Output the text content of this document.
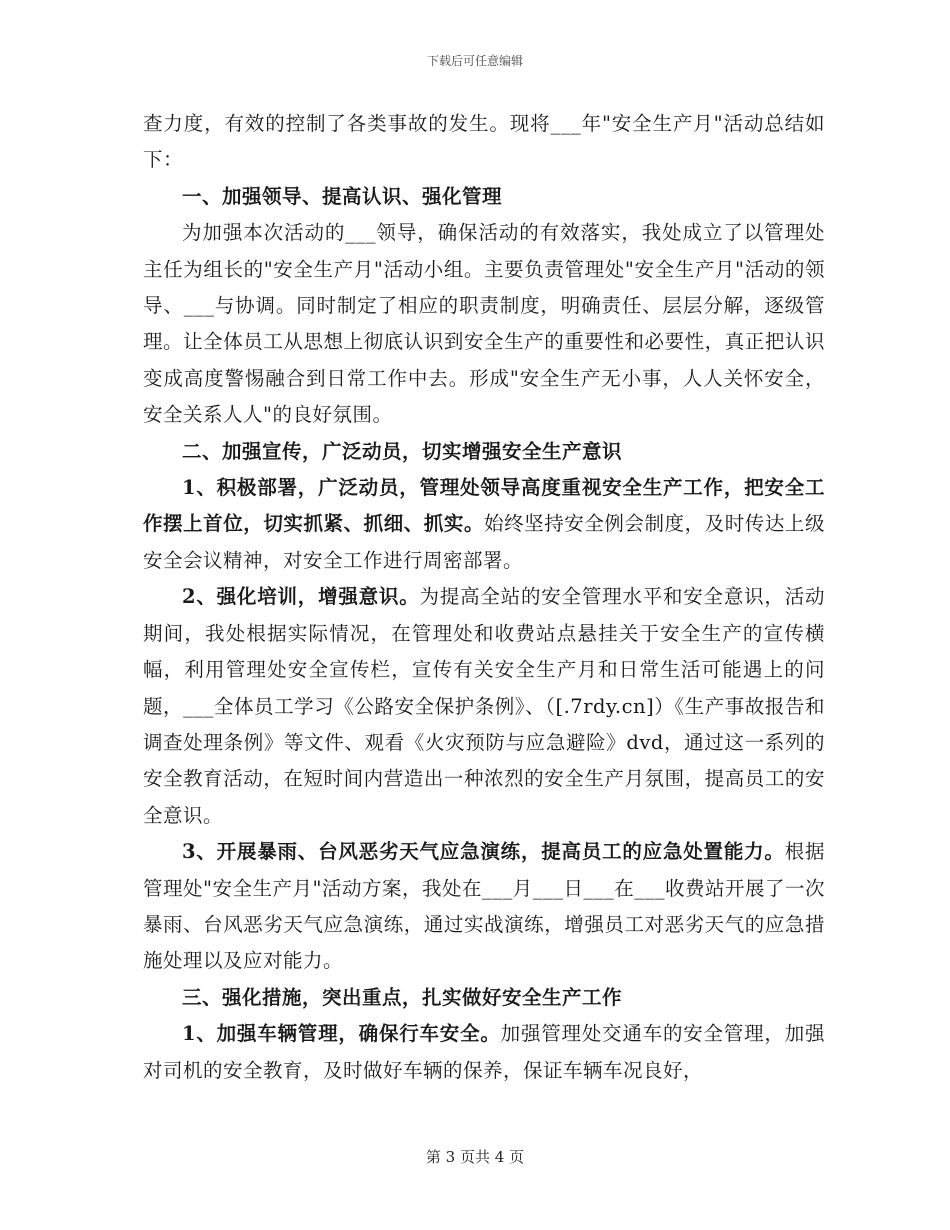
下载后可任意编辑

查力度，有效的控制了各类事故的发生。现将___年"安全生产月"活动总结如下：

一、加强领导、提高认识、强化管理

为加强本次活动的___领导，确保活动的有效落实，我处成立了以管理处主任为组长的"安全生产月"活动小组。主要负责管理处"安全生产月"活动的领导、___与协调。同时制定了相应的职责制度，明确责任、层层分解，逐级管理。让全体员工从思想上彻底认识到安全生产的重要性和必要性，真正把认识变成高度警惕融合到日常工作中去。形成"安全生产无小事，人人关怀安全，安全关系人人"的良好氛围。

二、加强宣传，广泛动员，切实增强安全生产意识

1、积极部署，广泛动员，管理处领导高度重视安全生产工作，把安全工作摆上首位，切实抓紧、抓细、抓实。始终坚持安全例会制度，及时传达上级安全会议精神，对安全工作进行周密部署。

2、强化培训，增强意识。为提高全站的安全管理水平和安全意识，活动期间，我处根据实际情况，在管理处和收费站点悬挂关于安全生产的宣传横幅，利用管理处安全宣传栏，宣传有关安全生产月和日常生活可能遇上的问题，___全体员工学习《公路安全保护条例》、（[.7rdy.cn]）《生产事故报告和调查处理条例》等文件、观看《火灾预防与应急避险》dvd，通过这一系列的安全教育活动，在短时间内营造出一种浓烈的安全生产月氛围，提高员工的安全意识。

3、开展暴雨、台风恶劣天气应急演练，提高员工的应急处置能力。根据管理处"安全生产月"活动方案，我处在___月___日___在___收费站开展了一次暴雨、台风恶劣天气应急演练，通过实战演练，增强员工对恶劣天气的应急措施处理以及应对能力。

三、强化措施，突出重点，扎实做好安全生产工作

1、加强车辆管理，确保行车安全。加强管理处交通车的安全管理，加强对司机的安全教育，及时做好车辆的保养，保证车辆车况良好，

第 3 页共 4 页
